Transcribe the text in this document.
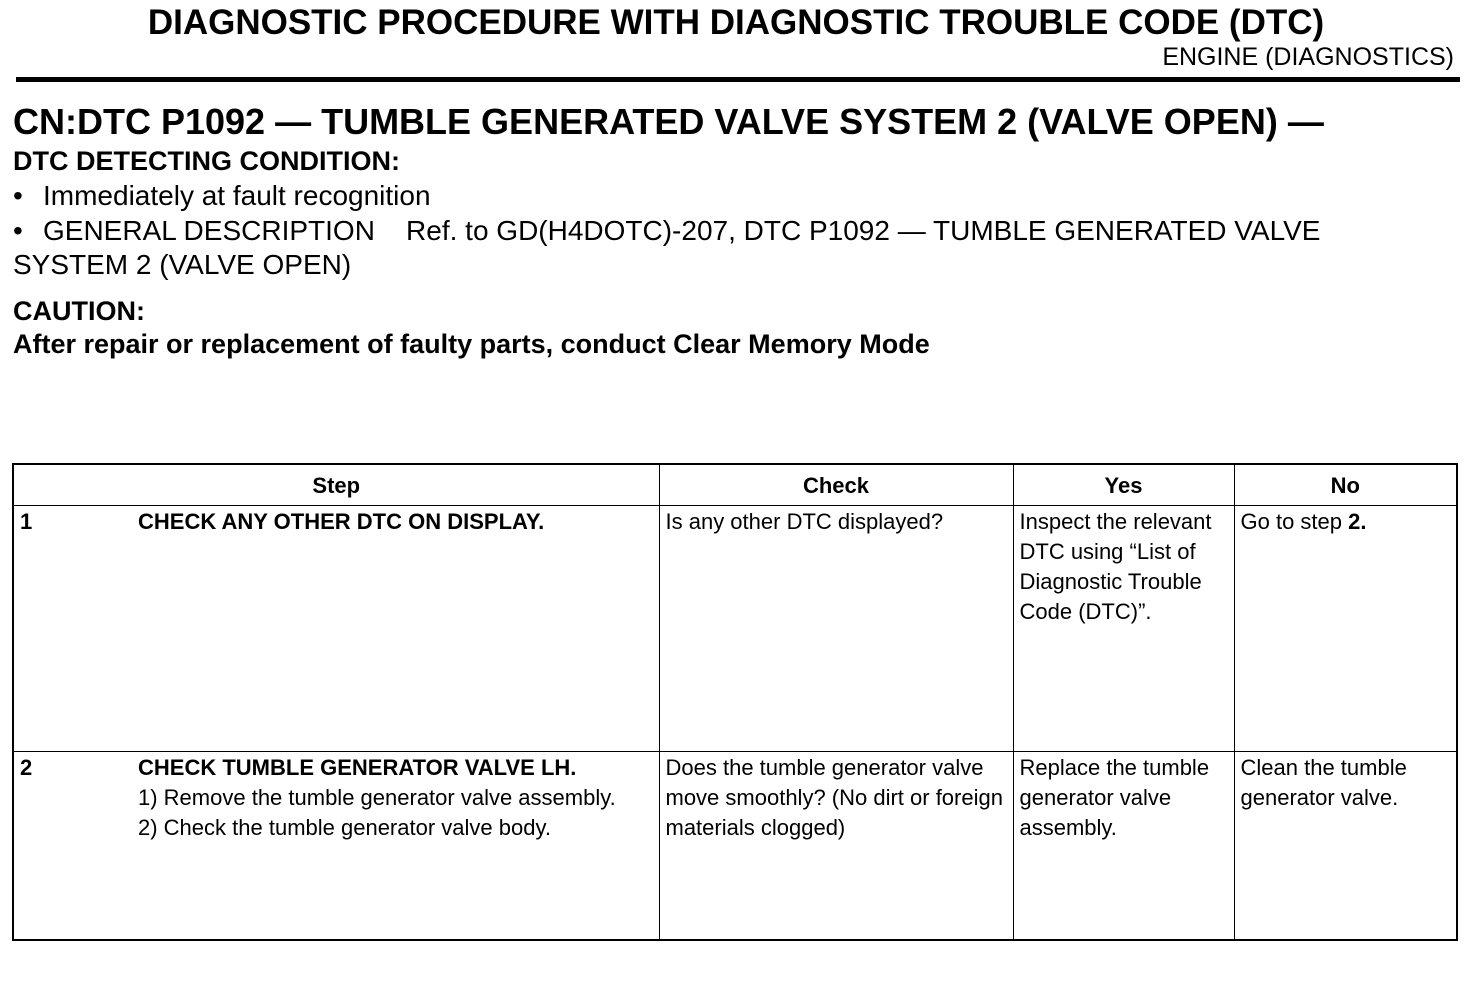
DIAGNOSTIC PROCEDURE WITH DIAGNOSTIC TROUBLE CODE (DTC)
ENGINE (DIAGNOSTICS)
CN:DTC P1092 — TUMBLE GENERATED VALVE SYSTEM 2 (VALVE OPEN) —
DTC DETECTING CONDITION:
• Immediately at fault recognition
• GENERAL DESCRIPTION    Ref. to GD(H4DOTC)-207, DTC P1092 — TUMBLE GENERATED VALVE
SYSTEM 2 (VALVE OPEN)
CAUTION:
After repair or replacement of faulty parts, conduct Clear Memory Mode
Step	Check	Yes	No

1 CHECK ANY OTHER DTC ON DISPLAY.	Is any other DTC displayed?	Inspect the relevant DTC using “List of Diagnostic Trouble Code (DTC)”.	Go to step 2.

2 CHECK TUMBLE GENERATOR VALVE LH.
1) Remove the tumble generator valve assembly.
2) Check the tumble generator valve body.	Does the tumble generator valve move smoothly? (No dirt or foreign materials clogged)	Replace the tumble generator valve assembly.	Clean the tumble generator valve.
